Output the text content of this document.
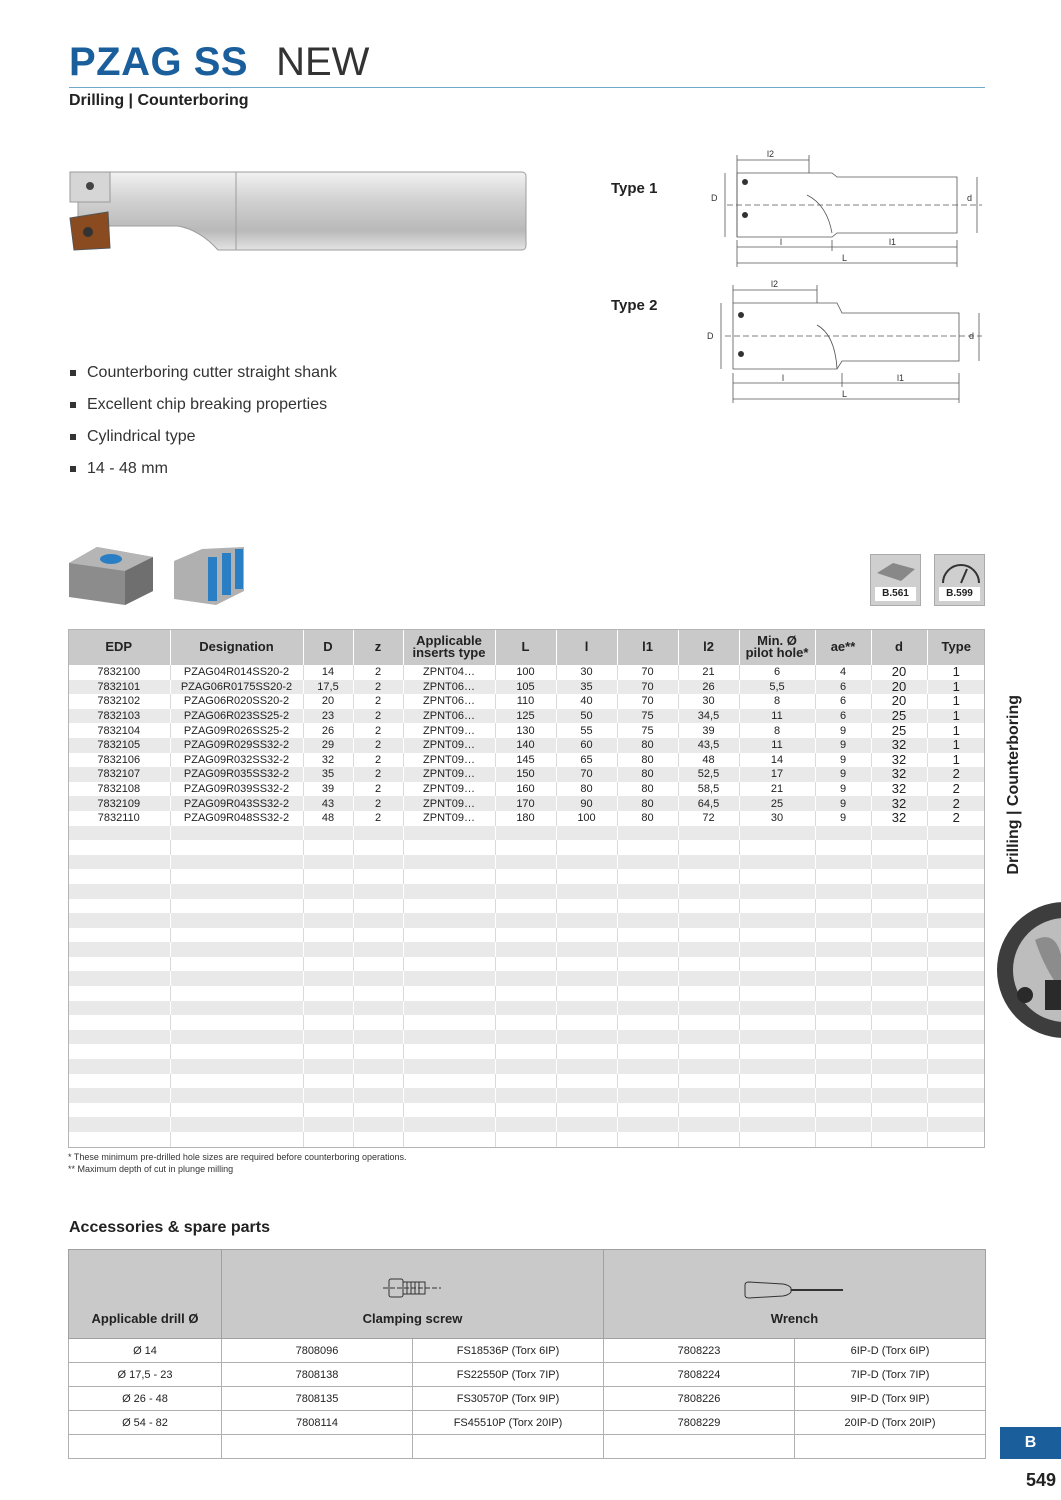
PZAG SS NEW
Drilling | Counterboring
Type 1
Type 2
l2
D	d
l	l1
L
l2
D	d
l	l1
L
Counterboring cutter straight shank
Excellent chip breaking properties
Cylindrical type
14 - 48 mm
B.561	B.599
EDP	Designation	D	z	Applicable
inserts type	L	l	l1	l2	Min. Ø
pilot hole*	ae**	d	Type
7832100	PZAG04R014SS20-2	14	2	ZPNT04…	100	30	70	21	6	4	20	1
7832101	PZAG06R0175SS20-2	17,5	2	ZPNT06…	105	35	70	26	5,5	6	20	1
7832102	PZAG06R020SS20-2	20	2	ZPNT06…	110	40	70	30	8	6	20	1
7832103	PZAG06R023SS25-2	23	2	ZPNT06…	125	50	75	34,5	11	6	25	1
7832104	PZAG09R026SS25-2	26	2	ZPNT09…	130	55	75	39	8	9	25	1
7832105	PZAG09R029SS32-2	29	2	ZPNT09…	140	60	80	43,5	11	9	32	1
7832106	PZAG09R032SS32-2	32	2	ZPNT09…	145	65	80	48	14	9	32	1
7832107	PZAG09R035SS32-2	35	2	ZPNT09…	150	70	80	52,5	17	9	32	2
7832108	PZAG09R039SS32-2	39	2	ZPNT09…	160	80	80	58,5	21	9	32	2
7832109	PZAG09R043SS32-2	43	2	ZPNT09…	170	90	80	64,5	25	9	32	2
7832110	PZAG09R048SS32-2	48	2	ZPNT09…	180	100	80	72	30	9	32	2

* These minimum pre-drilled hole sizes are required before counterboring operations.
** Maximum depth of cut in plunge milling
Accessories & spare parts
Applicable drill Ø	Clamping screw		Wrench	
Ø 14	7808096	FS18536P (Torx 6IP)	7808223	6IP-D (Torx 6IP)
Ø 17,5 - 23	7808138	FS22550P (Torx 7IP)	7808224	7IP-D (Torx 7IP)
Ø 26 - 48	7808135	FS30570P (Torx 9IP)	7808226	9IP-D (Torx 9IP)
Ø 54 - 82	7808114	FS45510P (Torx 20IP)	7808229	20IP-D (Torx 20IP)

Drilling | Counterboring
B
549
